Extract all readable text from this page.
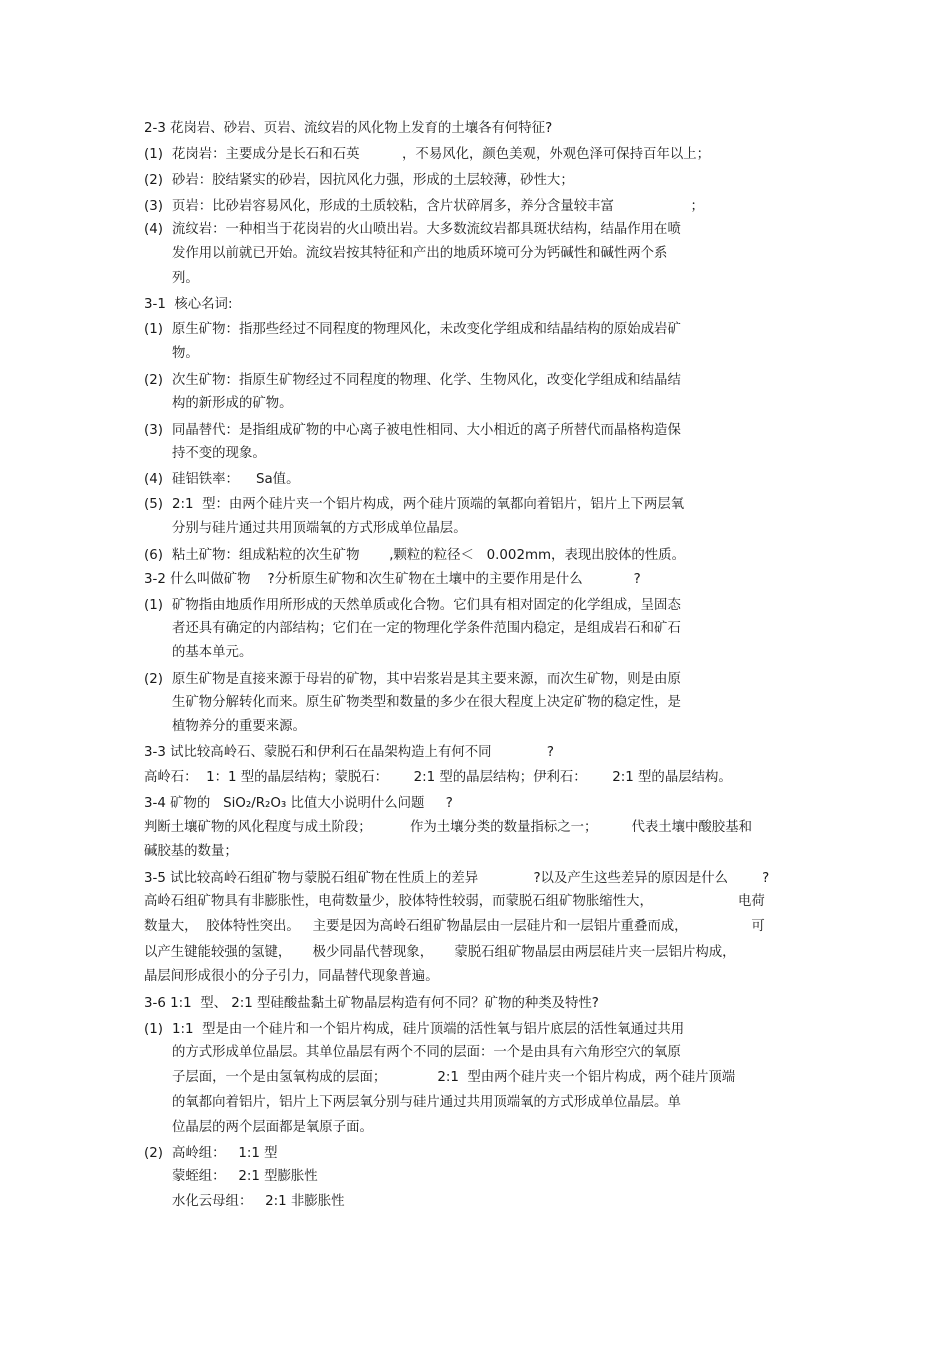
2-3 花岗岩、砂岩、页岩、流纹岩的风化物上发育的土壤各有何特征?
(1) 花岗岩：主要成分是长石和石英          ，不易风化，颜色美观，外观色泽可保持百年以上；
(2) 砂岩：胶结紧实的砂岩，因抗风化力强，形成的土层较薄，砂性大；
(3) 页岩：比砂岩容易风化，形成的土质较粘，含片状碎屑多，养分含量较丰富                  ；
(4) 流纹岩：一种相当于花岗岩的火山喷出岩。大多数流纹岩都具斑状结构，结晶作用在喷
发作用以前就已开始。流纹岩按其特征和产出的地质环境可分为钙碱性和碱性两个系
列。
3-1  核心名词:
(1) 原生矿物：指那些经过不同程度的物理风化，未改变化学组成和结晶结构的原始成岩矿
物。
(2) 次生矿物：指原生矿物经过不同程度的物理、化学、生物风化，改变化学组成和结晶结
构的新形成的矿物。
(3) 同晶替代：是指组成矿物的中心离子被电性相同、大小相近的离子所替代而晶格构造保
持不变的现象。
(4) 硅铝铁率：    Sa值。
(5) 2:1  型：由两个硅片夹一个铝片构成，两个硅片顶端的氧都向着铝片，铝片上下两层氧
分别与硅片通过共用顶端氧的方式形成单位晶层。
(6) 粘土矿物：组成粘粒的次生矿物       ,颗粒的粒径＜   0.002mm，表现出胶体的性质。
3-2 什么叫做矿物    ?分析原生矿物和次生矿物在土壤中的主要作用是什么            ?
(1) 矿物指由地质作用所形成的天然单质或化合物。它们具有相对固定的化学组成，呈固态
者还具有确定的内部结构；它们在一定的物理化学条件范围内稳定，是组成岩石和矿石
的基本单元。
(2) 原生矿物是直接来源于母岩的矿物，其中岩浆岩是其主要来源，而次生矿物，则是由原
生矿物分解转化而来。原生矿物类型和数量的多少在很大程度上决定矿物的稳定性，是
植物养分的重要来源。
3-3 试比较高岭石、蒙脱石和伊利石在晶架构造上有何不同             ?
高岭石：  1：1 型的晶层结构；蒙脱石：      2:1 型的晶层结构；伊利石：      2:1 型的晶层结构。
3-4 矿物的   SiO₂/R₂O₃ 比值大小说明什么问题     ?
判断土壤矿物的风化程度与成土阶段；         作为土壤分类的数量指标之一；        代表土壤中酸胶基和
碱胶基的数量；
3-5 试比较高岭石组矿物与蒙脱石组矿物在性质上的差异             ?以及产生这些差异的原因是什么        ?
高岭石组矿物具有非膨胀性，电荷数量少，胶体特性较弱，而蒙脱石组矿物胀缩性大，                    电荷
数量大，  胶体特性突出。   主要是因为高岭石组矿物晶层由一层硅片和一层铝片重叠而成，               可
以产生键能较强的氢键，     极少同晶代替现象，     蒙脱石组矿物晶层由两层硅片夹一层铝片构成，
晶层间形成很小的分子引力，同晶替代现象普遍。
3-6 1:1  型、 2:1 型硅酸盐黏土矿物晶层构造有何不同？矿物的种类及特性?
(1) 1:1  型是由一个硅片和一个铝片构成，硅片顶端的活性氧与铝片底层的活性氧通过共用
的方式形成单位晶层。其单位晶层有两个不同的层面：一个是由具有六角形空穴的氧原
子层面，一个是由氢氧构成的层面；            2:1  型由两个硅片夹一个铝片构成，两个硅片顶端
的氧都向着铝片，铝片上下两层氧分别与硅片通过共用顶端氧的方式形成单位晶层。单
位晶层的两个层面都是氧原子面。
(2) 高岭组：   1:1 型
蒙蛭组：   2:1 型膨胀性
水化云母组：   2:1 非膨胀性
